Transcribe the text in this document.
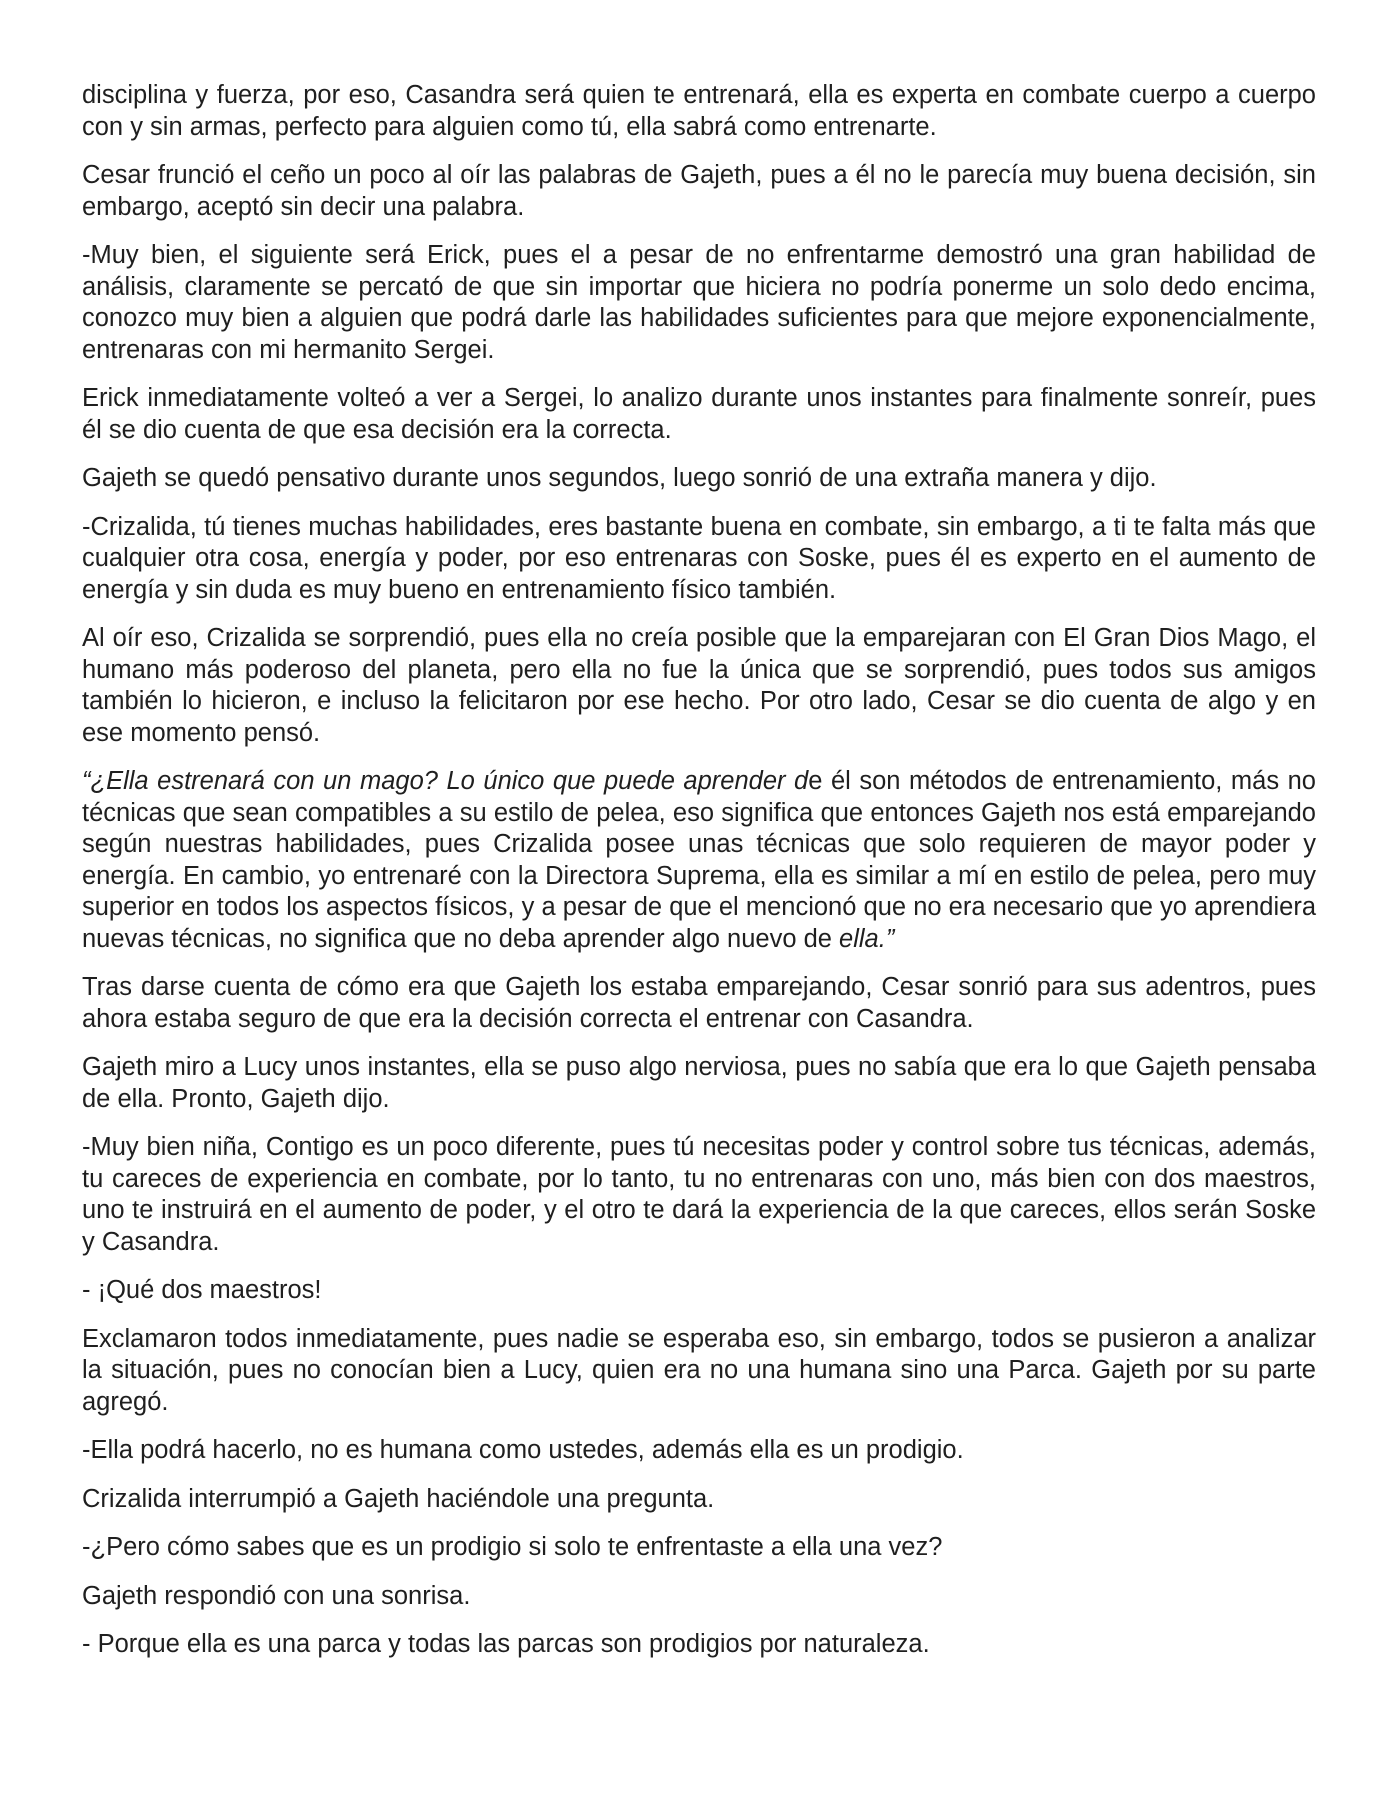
disciplina y fuerza, por eso, Casandra será quien te entrenará, ella es experta en combate cuerpo a cuerpo con y sin armas, perfecto para alguien como tú, ella sabrá como entrenarte.

Cesar frunció el ceño un poco al oír las palabras de Gajeth, pues a él no le parecía muy buena decisión, sin embargo, aceptó sin decir una palabra.

-Muy bien, el siguiente será Erick, pues el a pesar de no enfrentarme demostró una gran habilidad de análisis, claramente se percató de que sin importar que hiciera no podría ponerme un solo dedo encima, conozco muy bien a alguien que podrá darle las habilidades suficientes para que mejore exponencialmente, entrenaras con mi hermanito Sergei.

Erick inmediatamente volteó a ver a Sergei, lo analizo durante unos instantes para finalmente sonreír, pues él se dio cuenta de que esa decisión era la correcta.

Gajeth se quedó pensativo durante unos segundos, luego sonrió de una extraña manera y dijo.

-Crizalida, tú tienes muchas habilidades, eres bastante buena en combate, sin embargo, a ti te falta más que cualquier otra cosa, energía y poder, por eso entrenaras con Soske, pues él es experto en el aumento de energía y sin duda es muy bueno en entrenamiento físico también.

Al oír eso, Crizalida se sorprendió, pues ella no creía posible que la emparejaran con El Gran Dios Mago, el humano más poderoso del planeta, pero ella no fue la única que se sorprendió, pues todos sus amigos también lo hicieron, e incluso la felicitaron por ese hecho. Por otro lado, Cesar se dio cuenta de algo y en ese momento pensó.

“¿Ella estrenará con un mago? Lo único que puede aprender de él son métodos de entrenamiento, más no técnicas que sean compatibles a su estilo de pelea, eso significa que entonces Gajeth nos está emparejando según nuestras habilidades, pues Crizalida posee unas técnicas que solo requieren de mayor poder y energía. En cambio, yo entrenaré con la Directora Suprema, ella es similar a mí en estilo de pelea, pero muy superior en todos los aspectos físicos, y a pesar de que el mencionó que no era necesario que yo aprendiera nuevas técnicas, no significa que no deba aprender algo nuevo de ella.”

Tras darse cuenta de cómo era que Gajeth los estaba emparejando, Cesar sonrió para sus adentros, pues ahora estaba seguro de que era la decisión correcta el entrenar con Casandra.

Gajeth miro a Lucy unos instantes, ella se puso algo nerviosa, pues no sabía que era lo que Gajeth pensaba de ella. Pronto, Gajeth dijo.

-Muy bien niña, Contigo es un poco diferente, pues tú necesitas poder y control sobre tus técnicas, además, tu careces de experiencia en combate, por lo tanto, tu no entrenaras con uno, más bien con dos maestros, uno te instruirá en el aumento de poder, y el otro te dará la experiencia de la que careces, ellos serán Soske y Casandra.

- ¡Qué dos maestros!

Exclamaron todos inmediatamente, pues nadie se esperaba eso, sin embargo, todos se pusieron a analizar la situación, pues no conocían bien a Lucy, quien era no una humana sino una Parca. Gajeth por su parte agregó.

-Ella podrá hacerlo, no es humana como ustedes, además ella es un prodigio.

Crizalida interrumpió a Gajeth haciéndole una pregunta.

-¿Pero cómo sabes que es un prodigio si solo te enfrentaste a ella una vez?

Gajeth respondió con una sonrisa.

- Porque ella es una parca y todas las parcas son prodigios por naturaleza.
